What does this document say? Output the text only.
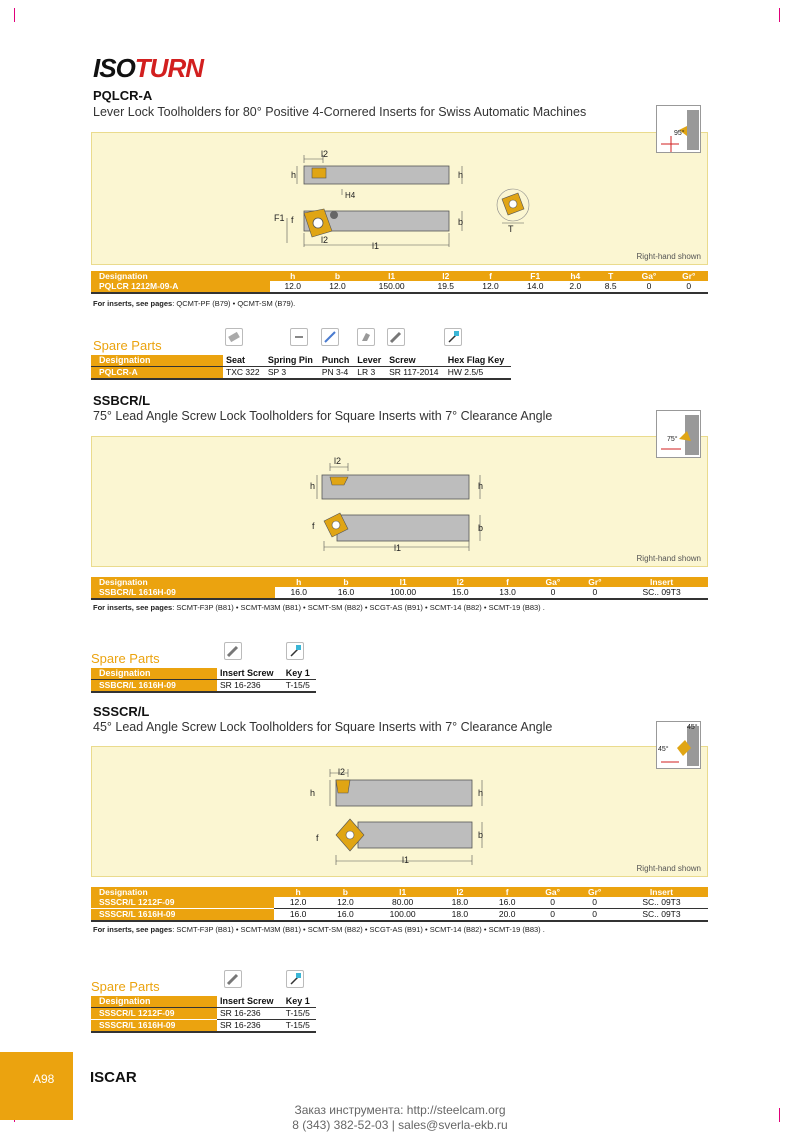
ISOTURN
PQLCR-A
Lever Lock Toolholders for 80° Positive 4-Cornered Inserts for Swiss Automatic Machines
l2
h	h
H4
F1 f	b
l2
l1
T
Right-hand shown
95°
Designation	h	b	l1	l2	f	F1	h4	T	Gа°	Gr°
PQLCR 1212M-09-A	12.0	12.0	150.00	19.5	12.0	14.0	2.0	8.5	0	0
For inserts, see pages: QCMT-PF (B79) • QCMT-SM (B79).
Spare Parts
Designation	Seat	Spring Pin	Punch	Lever	Screw	Hex Flag Key
PQLCR-A	TXC 322	SP 3	PN 3-4	LR 3	SR 117-2014	HW 2.5/5
SSBCR/L
75° Lead Angle Screw Lock Toolholders for Square Inserts with 7° Clearance Angle
l2
h	h
f	b
l1
Right-hand shown
75°
Designation	h	b	l1	l2	f	Gа°	Gr°	Insert
SSBCR/L 1616H-09	16.0	16.0	100.00	15.0	13.0	0	0	SC.. 09T3
For inserts, see pages: SCMT-F3P (B81) • SCMT-M3M (B81) • SCMT-SM (B82) • SCGT-AS (B91) • SCMT-14 (B82) • SCMT-19 (B83) .
Spare Parts
Designation	Insert Screw	Key 1
SSBCR/L 1616H-09	SR 16-236	T-15/5
SSSCR/L
45° Lead Angle Screw Lock Toolholders for Square Inserts with 7° Clearance Angle
l2
h	h
f	b
l1
Right-hand shown
45°
45°
Designation	h	b	l1	l2	f	Gа°	Gr°	Insert
SSSCR/L 1212F-09	12.0	12.0	80.00	18.0	16.0	0	0	SC.. 09T3
SSSCR/L 1616H-09	16.0	16.0	100.00	18.0	20.0	0	0	SC.. 09T3
For inserts, see pages: SCMT-F3P (B81) • SCMT-M3M (B81) • SCMT-SM (B82) • SCGT-AS (B91) • SCMT-14 (B82) • SCMT-19 (B83) .
Spare Parts
Designation	Insert Screw	Key 1
SSSCR/L 1212F-09	SR 16-236	T-15/5
SSSCR/L 1616H-09	SR 16-236	T-15/5
A98 ISCAR
Заказ инструмента: http://steelcam.org
8 (343) 382-52-03 | sales@sverla-ekb.ru
